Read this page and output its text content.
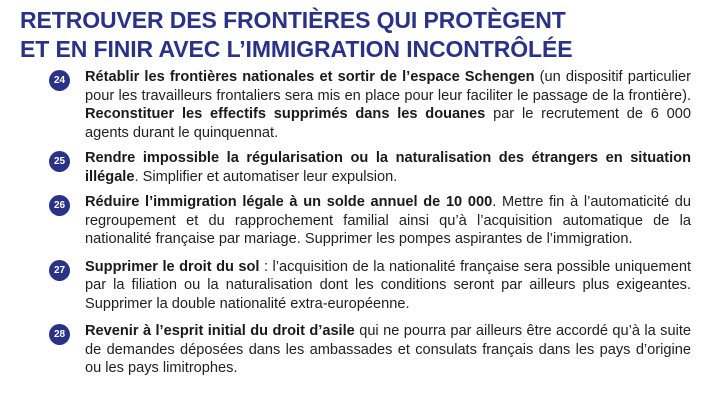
RETROUVER DES FRONTIÈRES QUI PROTÈGENT
ET EN FINIR AVEC L’IMMIGRATION INCONTRÔLÉE
24	Rétablir les frontières nationales et sortir de l’espace Schengen (un dispositif particulier pour les travailleurs frontaliers sera mis en place pour leur faciliter le passage de la frontière). Reconstituer les effectifs supprimés dans les douanes par le recrutement de 6 000 agents durant le quinquennat.
25	Rendre impossible la régularisation ou la naturalisation des étrangers en situation illégale. Simplifier et automatiser leur expulsion.
26	Réduire l’immigration légale à un solde annuel de 10 000. Mettre fin à l’automaticité du regroupement et du rapprochement familial ainsi qu’à l’acquisition automatique de la nationalité française par mariage. Supprimer les pompes aspirantes de l’immigration.
27	Supprimer le droit du sol : l’acquisition de la nationalité française sera possible uniquement par la filiation ou la naturalisation dont les conditions seront par ailleurs plus exigeantes. Supprimer la double nationalité extra-européenne.
28	Revenir à l’esprit initial du droit d’asile qui ne pourra par ailleurs être accordé qu’à la suite de demandes déposées dans les ambassades et consulats français dans les pays d’origine ou les pays limitrophes.
